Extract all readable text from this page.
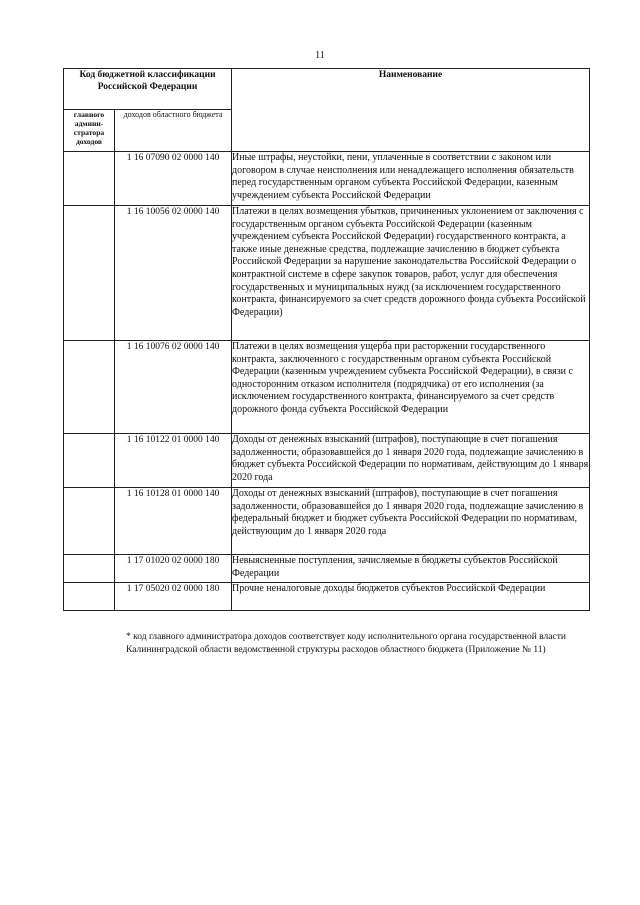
11
Код бюджетной классификации Российской Федерации		Наименование
главного админи-стратора доходов	доходов областного бюджета	
	1 16 07090 02 0000 140	Иные штрафы, неустойки, пени, уплаченные в соответствии с законом или договором в случае неисполнения или ненадлежащего исполнения обязательств перед государственным органом субъекта Российской Федерации, казенным учреждением субъекта Российской Федерации
	1 16 10056 02 0000 140	Платежи в целях возмещения убытков, причиненных уклонением от заключения с государственным органом субъекта Российской Федерации (казенным учреждением субъекта Российской Федерации) государственного контракта, а также иные денежные средства, подлежащие зачислению в бюджет субъекта Российской Федерации за нарушение законодательства Российской Федерации о контрактной системе в сфере закупок товаров, работ, услуг для обеспечения государственных и муниципальных нужд (за исключением государственного контракта, финансируемого за счет средств дорожного фонда субъекта Российской Федерации)
	1 16 10076 02 0000 140	Платежи в целях возмещения ущерба при расторжении государственного контракта, заключенного с государственным органом субъекта Российской Федерации (казенным учреждением субъекта Российской Федерации), в связи с односторонним отказом исполнителя (подрядчика) от его исполнения (за исключением государственного контракта, финансируемого за счет средств дорожного фонда субъекта Российской Федерации
	1 16 10122 01 0000 140	Доходы от денежных взысканий (штрафов), поступающие в счет погашения задолженности, образовавшейся до 1 января 2020 года, подлежащие зачислению в бюджет субъекта Российской Федерации по нормативам, действующим до 1 января 2020 года
	1 16 10128 01 0000 140	Доходы от денежных взысканий (штрафов), поступающие в счет погашения задолженности, образовавшейся до 1 января 2020 года, подлежащие зачислению в федеральный бюджет и бюджет субъекта Российской Федерации по нормативам, действующим до 1 января 2020 года
	1 17 01020 02 0000 180	Невыясненные поступления, зачисляемые в бюджеты субъектов Российской Федерации
	1 17 05020 02 0000 180	Прочие неналоговые доходы бюджетов субъектов Российской Федерации
* код главного администратора доходов соответствует коду исполнительного органа государственной власти Калининградской области ведомственной структуры расходов областного бюджета (Приложение № 11)
